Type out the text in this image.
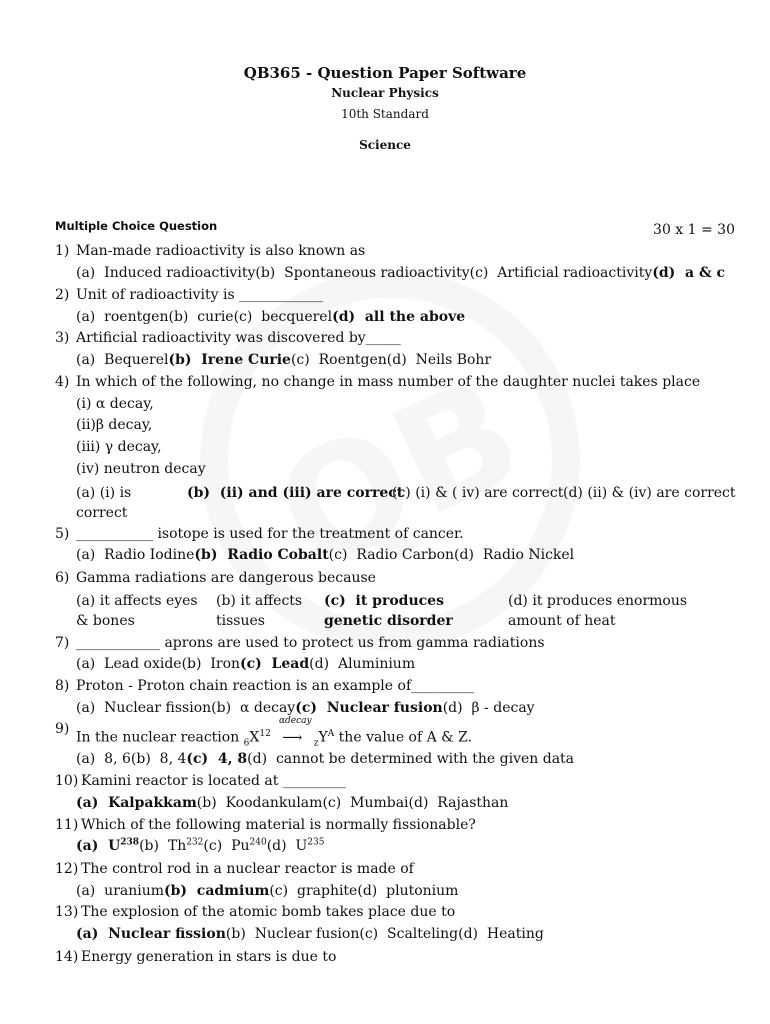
QB365 - Question Paper Software
Nuclear Physics
10th Standard
Science
Multiple Choice Question	30 x 1 = 30
1) Man-made radioactivity is also known as
(a)  Induced radioactivity(b)  Spontaneous radioactivity(c)  Artificial radioactivity(d)  a & c
2) Unit of radioactivity is ____________
(a)  roentgen(b)  curie(c)  becquerel(d)  all the above
3) Artificial radioactivity was discovered by_____
(a)  Bequerel(b)  Irene Curie(c)  Roentgen(d)  Neils Bohr
4) In which of the following, no change in mass number of the daughter nuclei takes place
(i) α decay,
(ii)β decay,
(iii) γ decay,
(iv) neutron decay
(a) (i) is correct
(b)  (ii) and (iii) are correct
(c) (i) & ( iv) are correct (d) (ii) & (iv) are correct
5) ___________ isotope is used for the treatment of cancer.
(a)  Radio Iodine(b)  Radio Cobalt(c)  Radio Carbon(d)  Radio Nickel
6) Gamma radiations are dangerous because
(a) it affects eyes & bones
(b) it affects tissues
(c)  it produces genetic disorder
(d) it produces enormous amount of heat
7) ____________ aprons are used to protect us from gamma radiations
(a)  Lead oxide(b)  Iron(c)  Lead(d)  Aluminium
8) Proton - Proton chain reaction is an example of_________
(a)  Nuclear fission(b)  α decay(c)  Nuclear fusion(d)  β - decay
9)
In the nuclear reaction $_6X^{12}$
αdecay
⟶ $_zY^A$ the value of A & Z.
(a)  8, 6(b)  8, 4(c)  4, 8(d)  cannot be determined with the given data
10) Kamini reactor is located at _________
(a)  Kalpakkam(b)  Koodankulam(c)  Mumbai(d)  Rajasthan
11) Which of the following material is normally fissionable?
(a)  $U^{238}(b)$  Th$^{232}$(c)  Pu$^{240}$(d)  $U^{235}$
12) The control rod in a nuclear reactor is made of
(a)  uranium(b)  cadmium(c)  graphite(d)  plutonium
13) The explosion of the atomic bomb takes place due to
(a)  Nuclear fission(b)  Nuclear fusion(c)  Scalteling(d)  Heating
14) Energy generation in stars is due to
